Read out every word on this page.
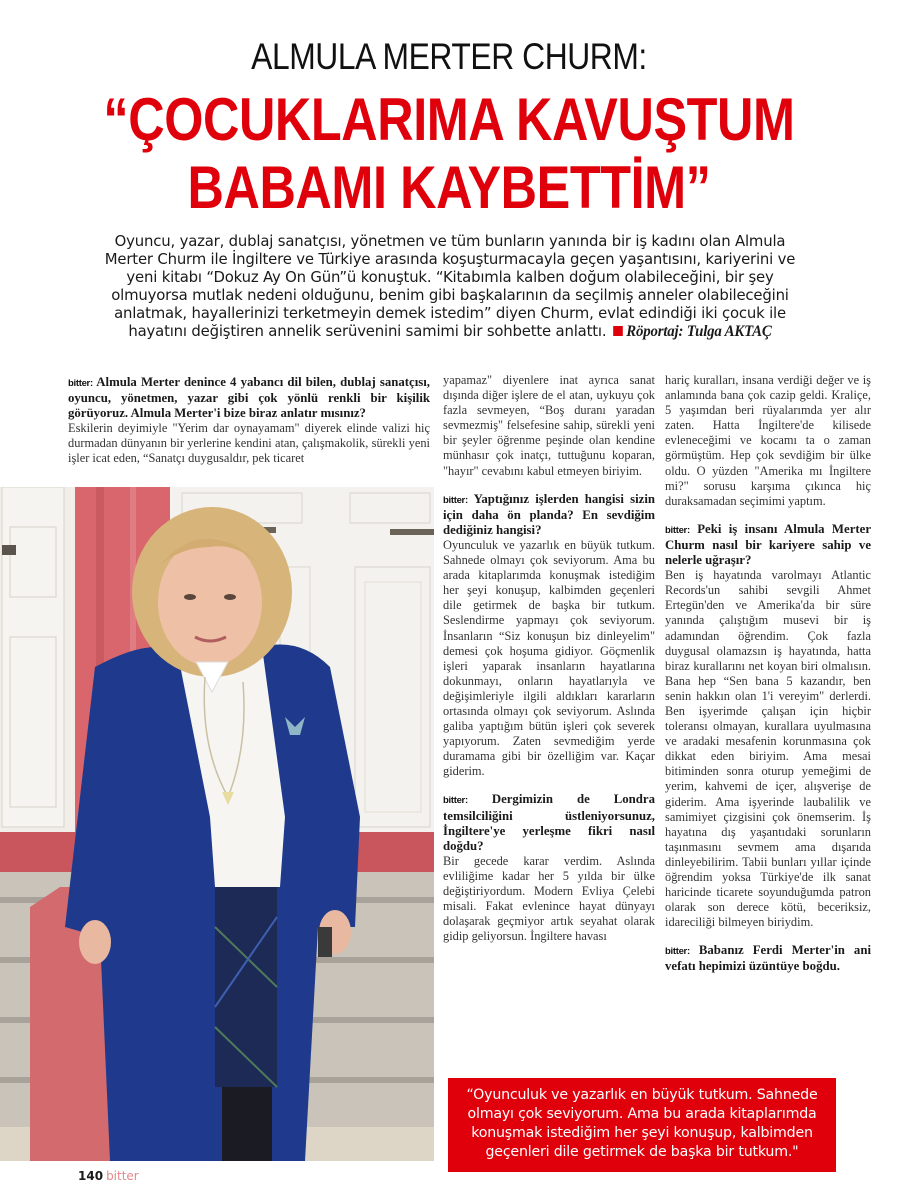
ALMULA MERTER CHURM:
“ÇOCUKLARIMA KAVUŞTUM
BABAMI KAYBETTİM”
Oyuncu, yazar, dublaj sanatçısı, yönetmen ve tüm bunların yanında bir iş kadını olan Almula Merter Churm ile İngiltere ve Türkiye arasında koşuşturmacayla geçen yaşantısını, kariyerini ve yeni kitabı “Dokuz Ay On Gün”ü konuştuk. “Kitabımla kalben doğum olabileceğini, bir şey olmuyorsa mutlak nedeni olduğunu, benim gibi başkalarının da seçilmiş anneler olabileceğini anlatmak, hayallerinizi terketmeyin demek istedim” diyen Churm, evlat edindiği iki çocuk ile hayatını değiştiren annelik serüvenini samimi bir sohbette anlattı. Röportaj: Tulga AKTAÇ

bitter: Almula Merter denince 4 yabancı dil bilen, dublaj sanatçısı, oyuncu, yönetmen, yazar gibi çok yönlü renkli bir kişilik görüyoruz. Almula Merter'i bize biraz anlatır mısınız?

Eskilerin deyimiyle "Yerim dar oynayamam" diyerek elinde valizi hiç durmadan dünyanın bir yerlerine kendini atan, çalışmakolik, sürekli yeni işler icat eden, “Sanatçı duygusaldır, pek ticaret

yapamaz" diyenlere inat ayrıca sanat dışında diğer işlere de el atan, uykuyu çok fazla sevmeyen, “Boş duranı yaradan sevmezmiş" felsefesine sahip, sürekli yeni bir şeyler öğrenme peşinde olan kendine münhasır çok inatçı, tuttuğunu koparan, "hayır" cevabını kabul etmeyen biriyim.

bitter: Yaptığınız işlerden hangisi sizin için daha ön planda? En sevdiğim dediğiniz hangisi?

Oyunculuk ve yazarlık en büyük tutkum. Sahnede olmayı çok seviyorum. Ama bu arada kitaplarımda konuşmak istediğim her şeyi konuşup, kalbimden geçenleri dile getirmek de başka bir tutkum. Seslendirme yapmayı çok seviyorum. İnsanların “Siz konuşun biz dinleyelim" demesi çok hoşuma gidiyor. Göçmenlik işleri yaparak insanların hayatlarına dokunmayı, onların hayatlarıyla ve değişimleriyle ilgili aldıkları kararların ortasında olmayı çok seviyorum. Aslında galiba yaptığım bütün işleri çok severek yapıyorum. Zaten sevmediğim yerde duramama gibi bir özelliğim var. Kaçar giderim.

bitter: Dergimizin de Londra temsilciliğini üstleniyorsunuz, İngiltere'ye yerleşme fikri nasıl doğdu?

Bir gecede karar verdim. Aslında evliliğime kadar her 5 yılda bir ülke değiştiriyordum. Modern Evliya Çelebi misali. Fakat evlenince hayat dünyayı dolaşarak geçmiyor artık seyahat olarak gidip geliyorsun. İngiltere havası

hariç kuralları, insana verdiği değer ve iş anlamında bana çok cazip geldi. Kraliçe, 5 yaşımdan beri rüyalarımda yer alır zaten. Hatta İngiltere'de kilisede evleneceğimi ve kocamı ta o zaman görmüştüm. Hep çok sevdiğim bir ülke oldu. O yüzden "Amerika mı İngiltere mi?" sorusu karşıma çıkınca hiç duraksamadan seçimimi yaptım.

bitter: Peki iş insanı Almula Merter Churm nasıl bir kariyere sahip ve nelerle uğraşır?

Ben iş hayatında varolmayı Atlantic Records'un sahibi sevgili Ahmet Ertegün'den ve Amerika'da bir süre yanında çalıştığım musevi bir iş adamından öğrendim. Çok fazla duygusal olamazsın iş hayatında, hatta biraz kurallarını net koyan biri olmalısın. Bana hep “Sen bana 5 kazandır, ben senin hakkın olan 1'i vereyim" derlerdi. Ben işyerimde çalışan için hiçbir toleransı olmayan, kurallara uyulmasına ve aradaki mesafenin korunmasına çok dikkat eden biriyim. Ama mesai bitiminden sonra oturup yemeğimi de yerim, kahvemi de içer, alışverişe de giderim. Ama işyerinde laubalilik ve samimiyet çizgisini çok önemserim. İş hayatına dış yaşantıdaki sorunların taşınmasını sevmem ama dışarıda dinleyebilirim. Tabii bunları yıllar içinde öğrendim yoksa Türkiye'de ilk sanat haricinde ticarete soyunduğumda patron olarak son derece kötü, beceriksiz, idareciliği bilmeyen biriydim.

bitter: Babanız Ferdi Merter'in ani vefatı hepimizi üzüntüye boğdu.

“Oyunculuk ve yazarlık en büyük tutkum. Sahnede olmayı çok seviyorum. Ama bu arada kitaplarımda konuşmak istediğim her şeyi konuşup, kalbimden geçenleri dile getirmek de başka bir tutkum."
140 bitter
